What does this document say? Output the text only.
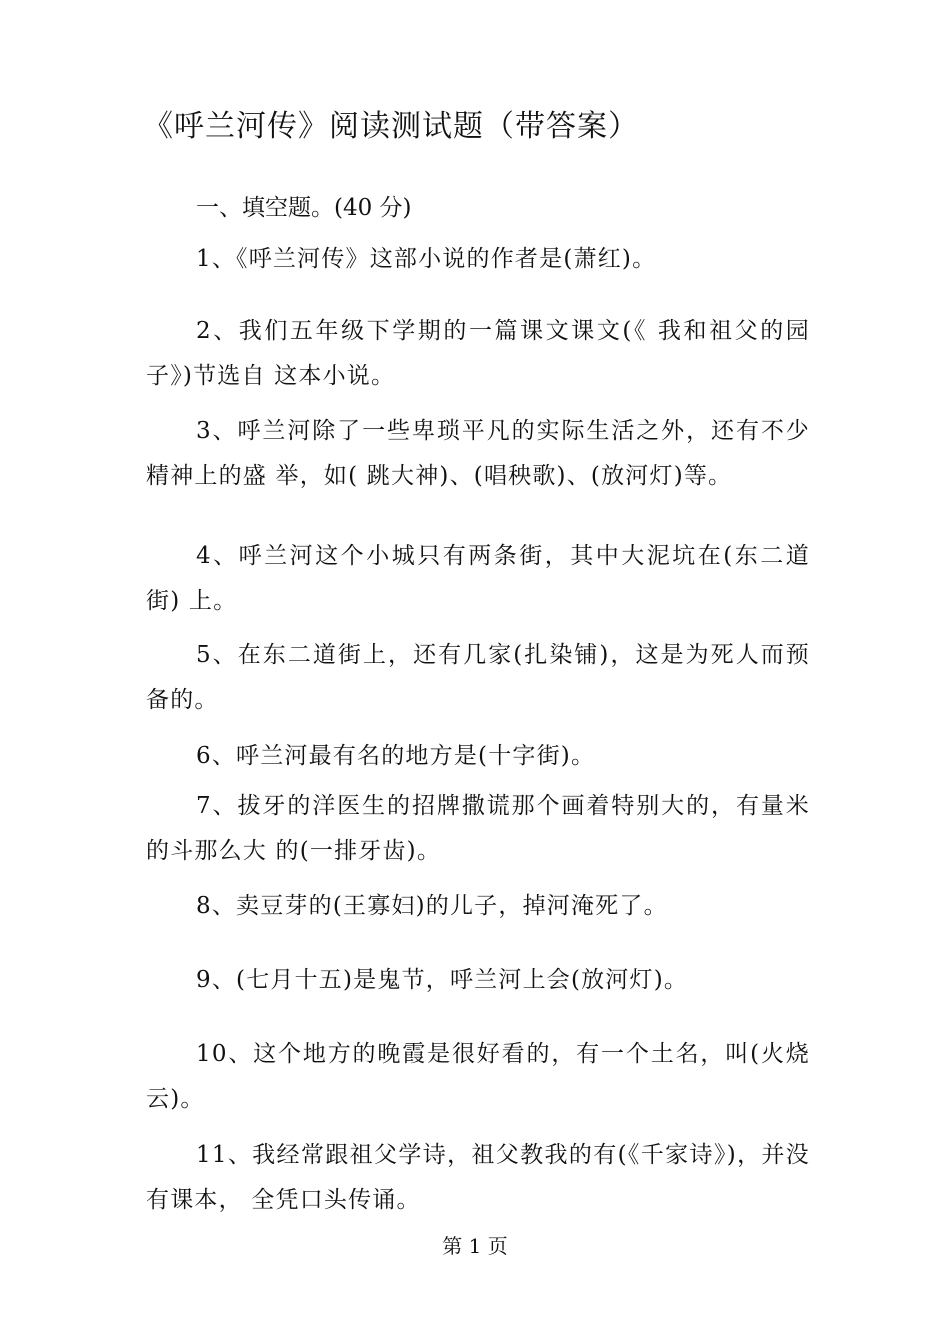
《呼兰河传》阅读测试题（带答案）
一、填空题。(40 分)

1、《呼兰河传》这部小说的作者是(萧红)。

2、我们五年级下学期的一篇课文课文(《 我和祖父的园子》)节选自 这本小说。

3、呼兰河除了一些卑琐平凡的实际生活之外，还有不少精神上的盛 举，如( 跳大神)、(唱秧歌)、(放河灯)等。

4、呼兰河这个小城只有两条街，其中大泥坑在(东二道街) 上。

5、在东二道街上，还有几家(扎染铺)，这是为死人而预备的。

6、呼兰河最有名的地方是(十字街)。

7、拔牙的洋医生的招牌撒谎那个画着特别大的，有量米的斗那么大 的(一排牙齿)。

8、卖豆芽的(王寡妇)的儿子，掉河淹死了。

9、(七月十五)是鬼节，呼兰河上会(放河灯)。

10、这个地方的晚霞是很好看的，有一个土名，叫(火烧云)。

11、我经常跟祖父学诗，祖父教我的有(《千家诗》)，并没有课本， 全凭口头传诵。

第 1 页
